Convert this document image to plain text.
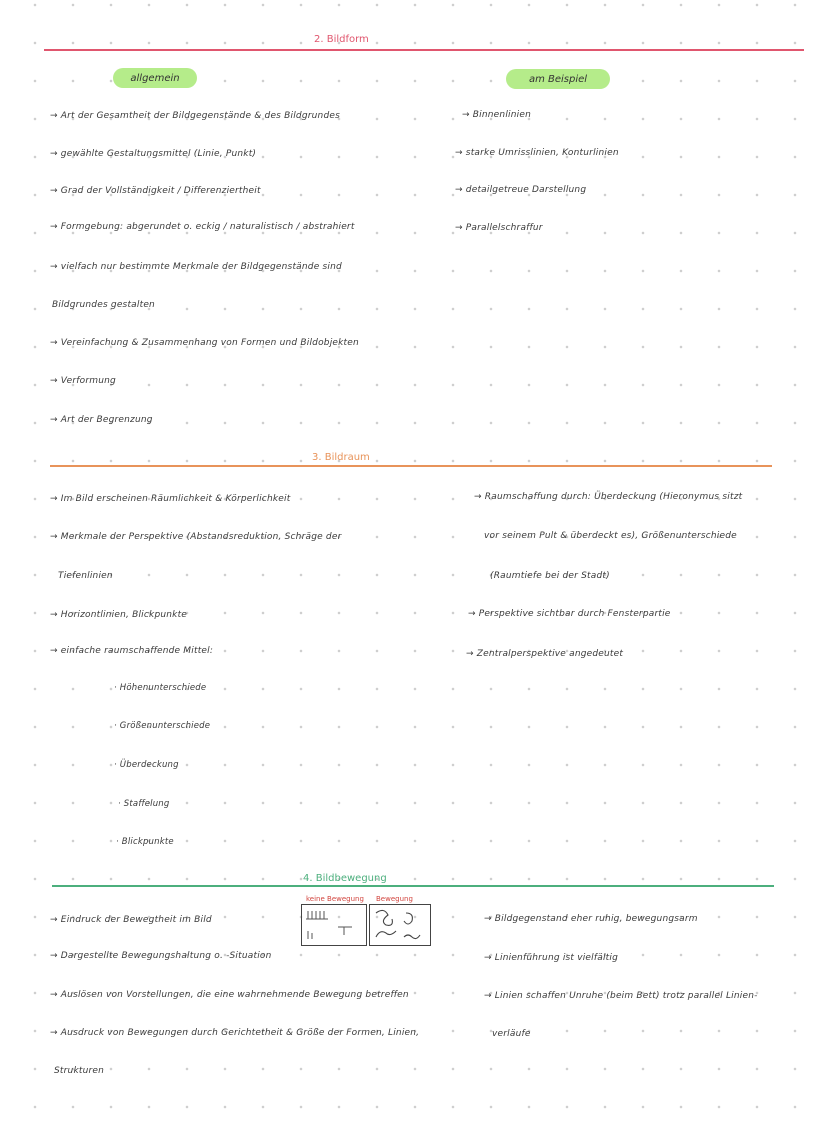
2. Bildform
allgemein	am Beispiel
→ Art der Gesamtheit der Bildgegenstände & des Bildgrundes
→ gewählte Gestaltungsmittel (Linie, Punkt)
→ Grad der Vollständigkeit / Differenziertheit
→ Formgebung: abgerundet o. eckig / naturalistisch / abstrahiert
→ vielfach nur bestimmte Merkmale der Bildgegenstände sind
Bildgrundes gestalten
→ Vereinfachung & Zusammenhang von Formen und Bildobjekten
→ Verformung
→ Art der Begrenzung
→ Binnenlinien
→ starke Umrisslinien, Konturlinien
→ detailgetreue Darstellung
→ Parallelschraffur
3. Bildraum
→ Im Bild erscheinen Räumlichkeit & Körperlichkeit
→ Merkmale der Perspektive (Abstandsreduktion, Schräge der
Tiefenlinien
→ Horizontlinien, Blickpunkte
→ einfache raumschaffende Mittel:
· Höhenunterschiede
· Größenunterschiede
· Überdeckung
· Staffelung
· Blickpunkte
→ Raumschaffung durch: Überdeckung (Hieronymus sitzt
vor seinem Pult & überdeckt es), Größenunterschiede
(Raumtiefe bei der Stadt)
→ Perspektive sichtbar durch Fensterpartie
→ Zentralperspektive angedeutet
4. Bildbewegung
keine Bewegung Bewegung
→ Eindruck der Bewegtheit im Bild
→ Dargestellte Bewegungshaltung o. -Situation
→ Auslösen von Vorstellungen, die eine wahrnehmende Bewegung betreffen
→ Ausdruck von Bewegungen durch Gerichtetheit & Größe der Formen, Linien,
Strukturen
→ Bildgegenstand eher ruhig, bewegungsarm
→ Linienführung ist vielfältig
→ Linien schaffen Unruhe (beim Bett) trotz parallel Linien-
verläufe
